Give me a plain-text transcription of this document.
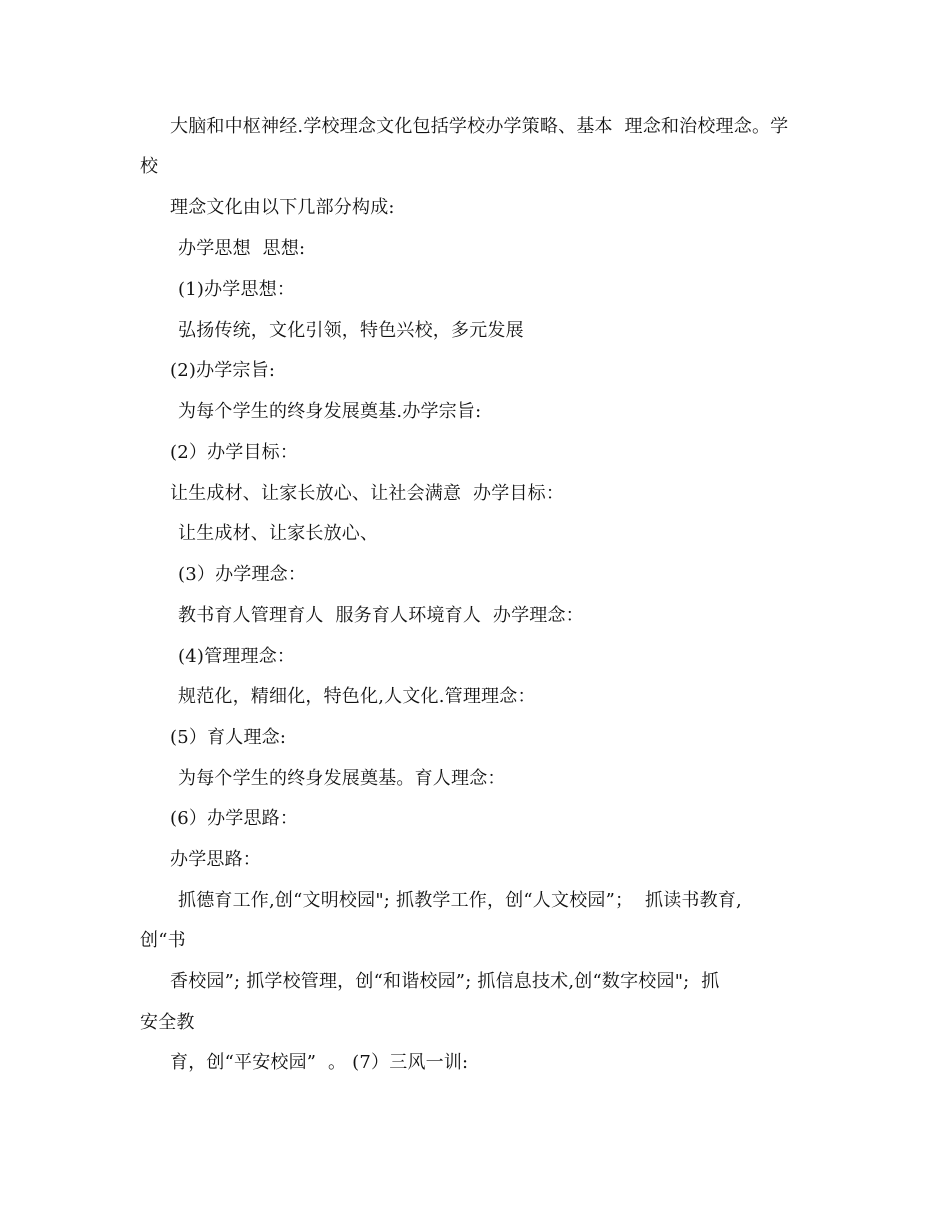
大脑和中枢神经.学校理念文化包括学校办学策略、基本  理念和治校理念。学
校
理念文化由以下几部分构成:
办学思想  思想:
(1)办学思想：
弘扬传统，文化引领，特色兴校，多元发展
(2)办学宗旨:
为每个学生的终身发展奠基.办学宗旨:
(2）办学目标：
让生成材、让家长放心、让社会满意  办学目标：
让生成材、让家长放心、
(3）办学理念：
教书育人管理育人  服务育人环境育人  办学理念：
(4)管理理念：
规范化，精细化，特色化,人文化.管理理念：
(5）育人理念:
为每个学生的终身发展奠基。育人理念：
(6）办学思路：
办学思路：
抓德育工作,创“文明校园"; 抓教学工作，创“人文校园”；  抓读书教育,
创“书
香校园”; 抓学校管理，创“和谐校园”; 抓信息技术,创“数字校园";  抓
安全教
育，创“平安校园”  。 (7）三风一训:
